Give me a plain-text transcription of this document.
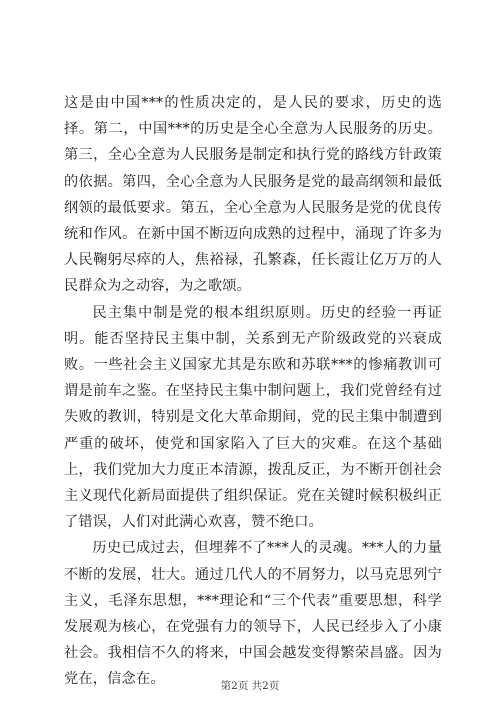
这是由中国***的性质决定的，是人民的要求，历史的选择。第二，中国***的历史是全心全意为人民服务的历史。第三，全心全意为人民服务是制定和执行党的路线方针政策的依据。第四，全心全意为人民服务是党的最高纲领和最低纲领的最低要求。第五，全心全意为人民服务是党的优良传统和作风。在新中国不断迈向成熟的过程中，涌现了许多为人民鞠躬尽瘁的人，焦裕禄，孔繁森，任长霞让亿万万的人民群众为之动容，为之歌颂。

民主集中制是党的根本组织原则。历史的经验一再证明。能否坚持民主集中制，关系到无产阶级政党的兴衰成败。一些社会主义国家尤其是东欧和苏联***的惨痛教训可谓是前车之鉴。在坚持民主集中制问题上，我们党曾经有过失败的教训，特别是文化大革命期间，党的民主集中制遭到严重的破坏，使党和国家陷入了巨大的灾难。在这个基础上，我们党加大力度正本清源，拨乱反正，为不断开创社会主义现代化新局面提供了组织保证。党在关键时候积极纠正了错误，人们对此满心欢喜，赞不绝口。

历史已成过去，但埋葬不了***人的灵魂。***人的力量不断的发展，壮大。通过几代人的不屑努力，以马克思列宁主义，毛泽东思想，***理论和“三个代表”重要思想，科学发展观为核心，在党强有力的领导下，人民已经步入了小康社会。我相信不久的将来，中国会越发变得繁荣昌盛。因为党在，信念在。	第2页 共2页
